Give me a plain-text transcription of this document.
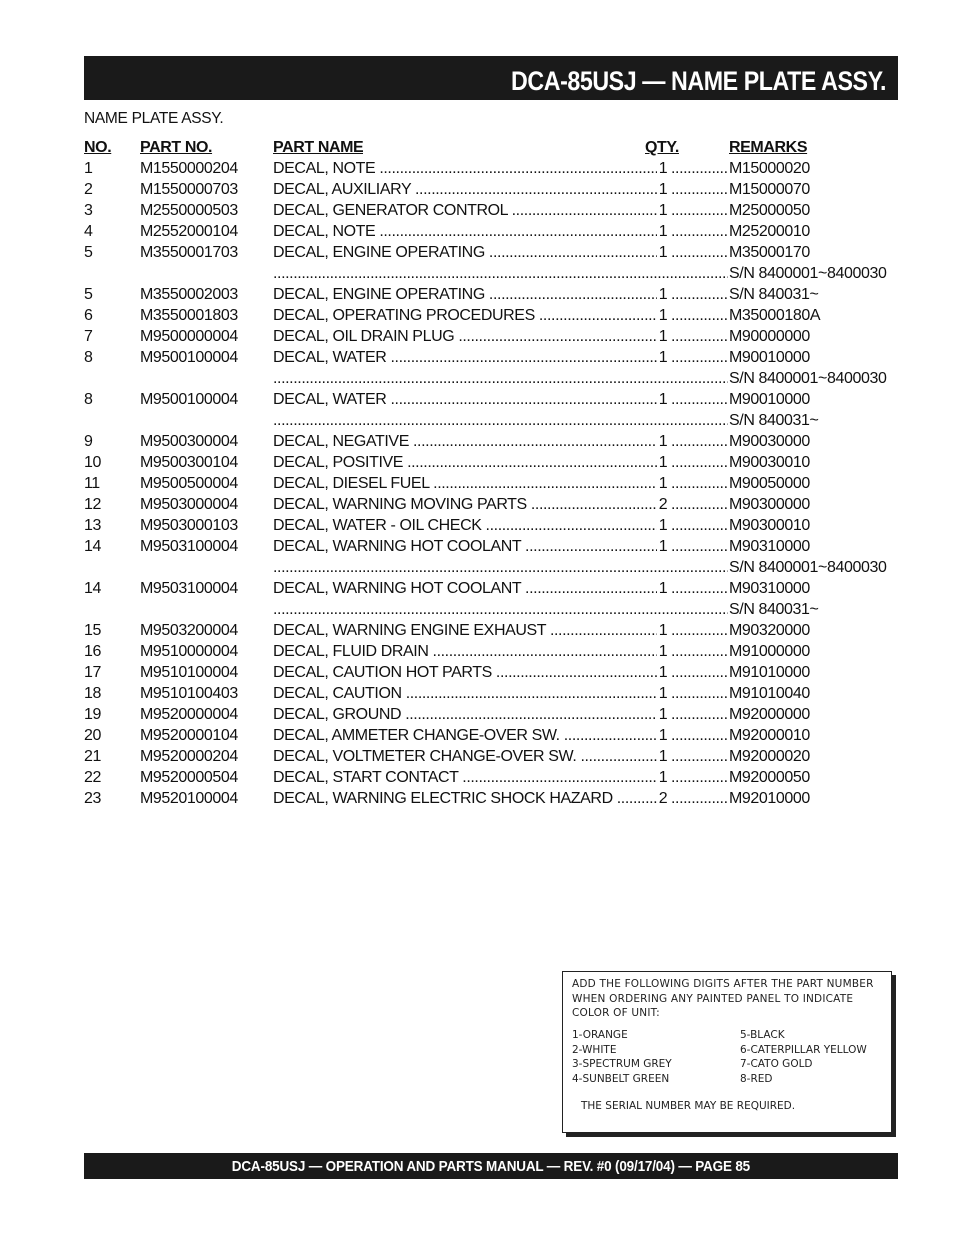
DCA-85USJ — NAME PLATE ASSY.
NAME PLATE ASSY.
NO. PART NO.	PART NAME	QTY.	REMARKS
1	M1550000204 DECAL, NOTE .....	1 .....	M15000020
2	M1550000703 DECAL, AUXILIARY .....	1 .....	M15000070
3	M2550000503 DECAL, GENERATOR CONTROL .....	1 .....	M25000050
4	M2552000104 DECAL, NOTE .....	1 .....	M25200010
5	M3550001703 DECAL, ENGINE OPERATING .....	1 .....	M35000170
.....
S/N 8400001~8400030
5	M3550002003 DECAL, ENGINE OPERATING .....	1 .....	S/N 840031~
6	M3550001803 DECAL, OPERATING PROCEDURES .....	1 .....	M35000180A
7	M9500000004 DECAL, OIL DRAIN PLUG .....	1 .....	M90000000
8	M9500100004 DECAL, WATER .....	1 .....	M90010000
.....
S/N 8400001~8400030
8	M9500100004 DECAL, WATER .....	1 .....	M90010000
.....
S/N 840031~
9	M9500300004 DECAL, NEGATIVE .....	1 .....	M90030000
10 M9500300104 DECAL, POSITIVE .....	1 .....	M90030010
11	M9500500004 DECAL, DIESEL FUEL .....	1 .....	M90050000
12 M9503000004 DECAL, WARNING MOVING PARTS .....	2 .....	M90300000
13 M9503000103 DECAL, WATER - OIL CHECK .....	1 .....	M90300010
14 M9503100004 DECAL, WARNING HOT COOLANT .....	1 .....	M90310000
.....
S/N 8400001~8400030
14 M9503100004 DECAL, WARNING HOT COOLANT .....	1 .....	M90310000
.....
S/N 840031~
15 M9503200004 DECAL, WARNING ENGINE EXHAUST .....	1 .....	M90320000
16 M9510000004 DECAL, FLUID DRAIN .....	1 .....	M91000000
17 M9510100004 DECAL, CAUTION HOT PARTS .....	1 .....	M91010000
18 M9510100403 DECAL, CAUTION .....	1 .....	M91010040
19 M9520000004 DECAL, GROUND .....	1 .....	M92000000
20 M9520000104 DECAL, AMMETER CHANGE-OVER SW. .....	1 .....	M92000010
21 M9520000204 DECAL, VOLTMETER CHANGE-OVER SW. .....	1 .....	M92000020
22 M9520000504 DECAL, START CONTACT .....	1 .....	M92000050
23 M9520100004 DECAL, WARNING ELECTRIC SHOCK HAZARD .....	2 .....	M92010000
ADD THE FOLLOWING DIGITS AFTER THE PART NUMBER
WHEN ORDERING ANY PAINTED PANEL TO INDICATE
COLOR OF UNIT:
1-ORANGE
2-WHITE
3-SPECTRUM GREY
4-SUNBELT GREEN
5-BLACK
6-CATERPILLAR YELLOW
7-CATO GOLD
8-RED
THE SERIAL NUMBER MAY BE REQUIRED.
DCA-85USJ — OPERATION AND PARTS MANUAL — REV. #0 (09/17/04) — PAGE 85
